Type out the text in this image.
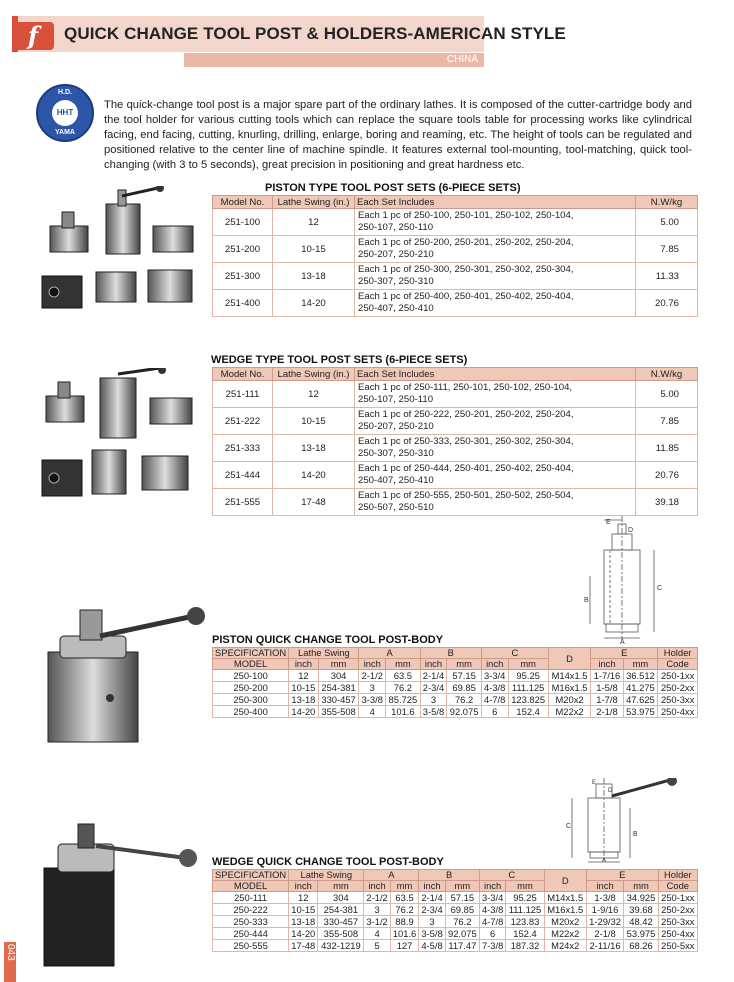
f	QUICK CHANGE TOOL POST & HOLDERS-AMERICAN STYLE
CHINA
H.D.
HHT
YAMA

The quick-change tool post is a major spare part of the ordinary lathes. It is composed of the cutter-cartridge body and the tool holder for various cutting tools which can replace the square tools table for processing works like cylindrical facing, end facing, cutting, knurling, drilling, enlarge, boring and reaming, etc. The height of tools can be regulated and positioned relative to the center line of machine spindle. It features external tool-mounting, tool-matching, quick tool-changing (with 3 to 5 seconds), great precision in positioning and great hardness etc.

PISTON TYPE TOOL POST SETS (6-PIECE SETS)
Model No.	Lathe Swing (in.)	Each Set Includes	N.W/kg
251-100	12	Each 1 pc of 250-100, 250-101, 250-102, 250-104,
250-107, 250-110	5.00
251-200	10-15	Each 1 pc of 250-200, 250-201, 250-202, 250-204,
250-207, 250-210	7.85
251-300	13-18	Each 1 pc of 250-300, 250-301, 250-302, 250-304,
250-307, 250-310	11.33
251-400	14-20	Each 1 pc of 250-400, 250-401, 250-402, 250-404,
250-407, 250-410	20.76
WEDGE TYPE TOOL POST SETS (6-PIECE SETS)
Model No.	Lathe Swing (in.)	Each Set Includes	N.W/kg
251-111	12	Each 1 pc of 250-111, 250-101, 250-102, 250-104,
250-107, 250-110	5.00
251-222	10-15	Each 1 pc of 250-222, 250-201, 250-202, 250-204,
250-207, 250-210	7.85
251-333	13-18	Each 1 pc of 250-333, 250-301, 250-302, 250-304,
250-307, 250-310	11.85
251-444	14-20	Each 1 pc of 250-444, 250-401, 250-402, 250-404,
250-407, 250-410	20.76
251-555	17-48	Each 1 pc of 250-555, 250-501, 250-502, 250-504,
250-507, 250-510	39.18
B
C
A
E
D
PISTON QUICK CHANGE TOOL POST-BODY
SPECIFICATION	Lathe Swing		A		B		C		D	E		Holder
MODEL	inch	mm	inch	mm	inch	mm	inch	mm		inch	mm	Code
250-100	12	304	2-1/2	63.5	2-1/4	57.15	3-3/4	95.25	M14x1.5	1-7/16	36.512	250-1xx
250-200	10-15	254-381	3	76.2	2-3/4	69.85	4-3/8	111.125	M16x1.5	1-5/8	41.275	250-2xx
250-300	13-18	330-457	3-3/8	85.725	3	76.2	4-7/8	123.825	M20x2	1-7/8	47.625	250-3xx
250-400	14-20	355-508	4	101.6	3-5/8	92.075	6	152.4	M22x2	2-1/8	53.975	250-4xx
C
B
A
E
D
WEDGE QUICK CHANGE TOOL POST-BODY
SPECIFICATION	Lathe Swing		A		B		C		D	E		Holder
MODEL	inch	mm	inch	mm	inch	mm	inch	mm		inch	mm	Code
250-111	12	304	2-1/2	63.5	2-1/4	57.15	3-3/4	95.25	M14x1.5	1-3/8	34.925	250-1xx
250-222	10-15	254-381	3	76.2	2-3/4	69.85	4-3/8	111.125	M16x1.5	1-9/16	39.68	250-2xx
250-333	13-18	330-457	3-1/2	88.9	3	76.2	4-7/8	123.83	M20x2	1-29/32	48.42	250-3xx
250-444	14-20	355-508	4	101.6	3-5/8	92.075	6	152.4	M22x2	2-1/8	53.975	250-4xx
250-555	17-48	432-1219	5	127	4-5/8	117.47	7-3/8	187.32	M24x2	2-11/16	68.26	250-5xx
043
